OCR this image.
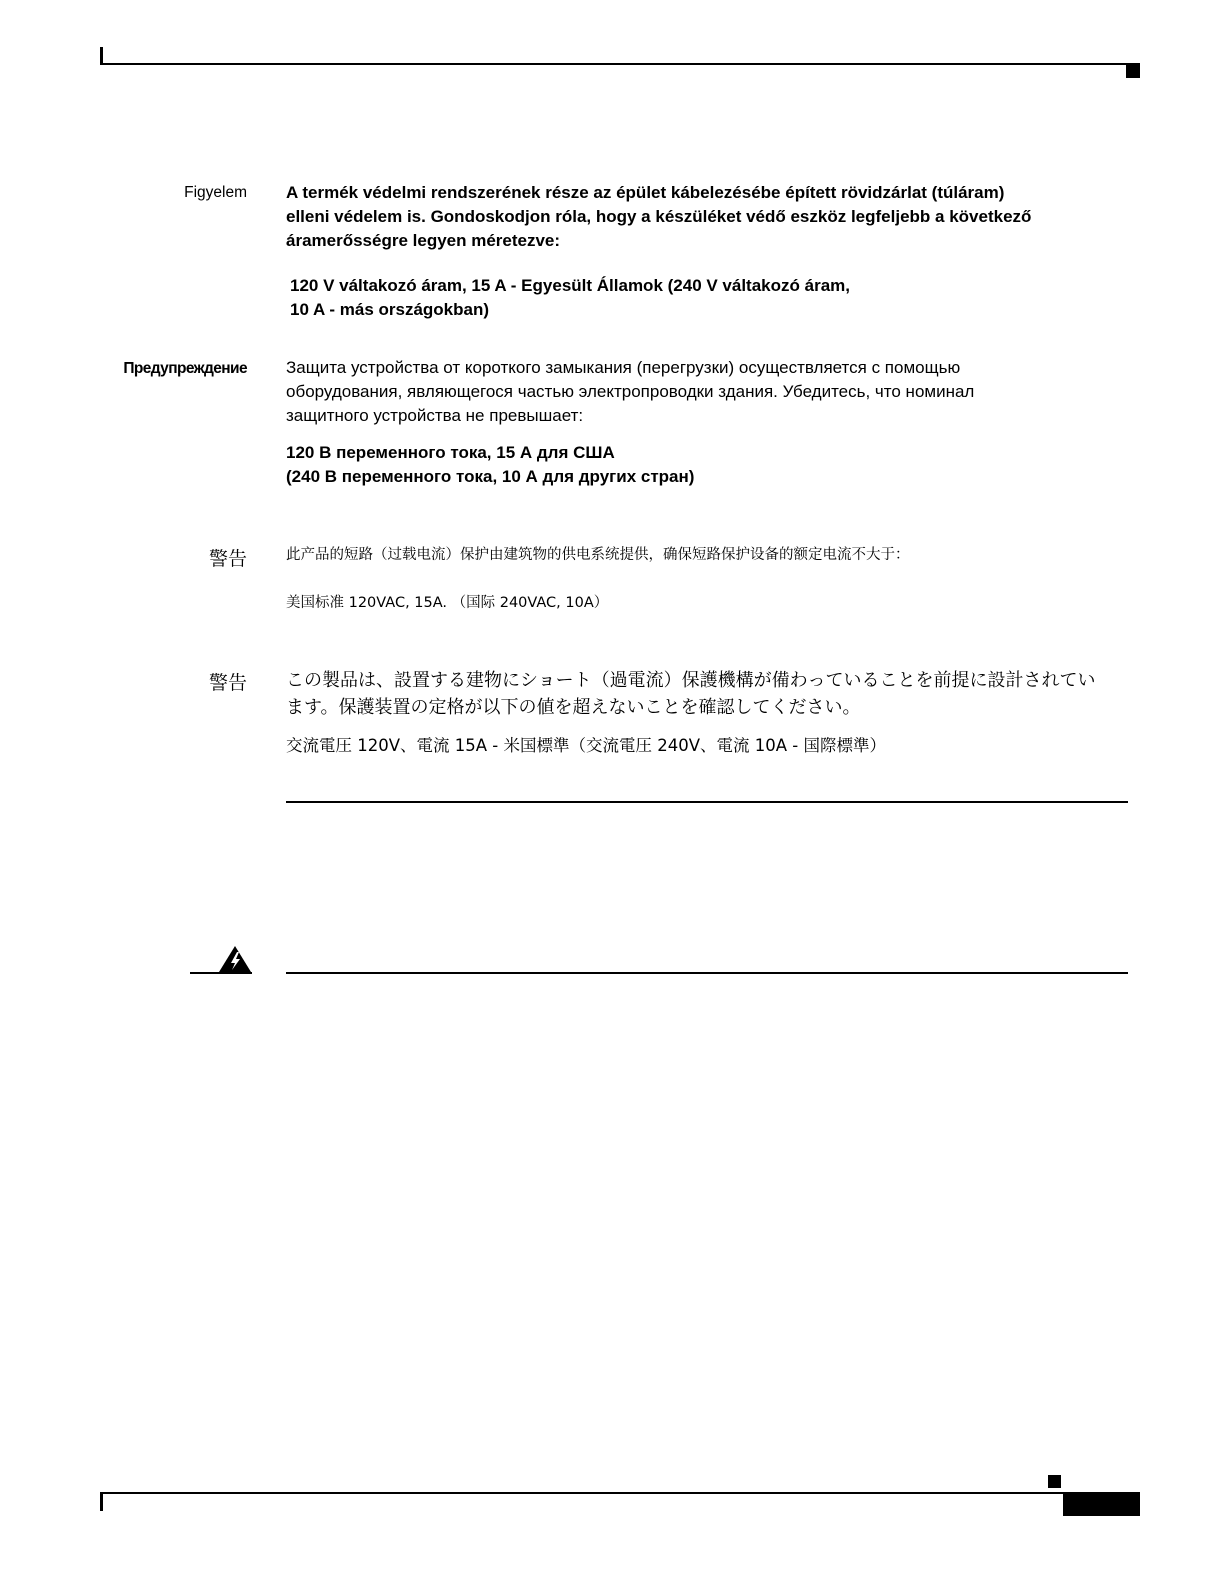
Figyelem A termék védelmi rendszerének része az épület kábelezésébe épített rövidzárlat (túláram)
elleni védelem is. Gondoskodjon róla, hogy a készüléket védő eszköz legfeljebb a következő
áramerősségre legyen méretezve:
120 V váltakozó áram, 15 A - Egyesült Államok (240 V váltakozó áram,
10 A - más országokban)
Предупреждение Защита устройства от короткого замыкания (перегрузки) осуществляется с помощью
оборудования, являющегося частью электропроводки здания. Убедитесь, что номинал
защитного устройства не превышает:
120 В переменного тока, 15 А для США
(240 В переменного тока, 10 А для других стран)
警告	此产品的短路（过载电流）保护由建筑物的供电系统提供，确保短路保护设备的额定电流不大于：
美国标准 120VAC, 15A. （国际 240VAC, 10A）
警告 この製品は、設置する建物にショート（過電流）保護機構が備わっていることを前提に設計されてい
ます。保護装置の定格が以下の値を超えないことを確認してください。
交流電圧 120V、電流 15A - 米国標準（交流電圧 240V、電流 10A - 国際標準）
